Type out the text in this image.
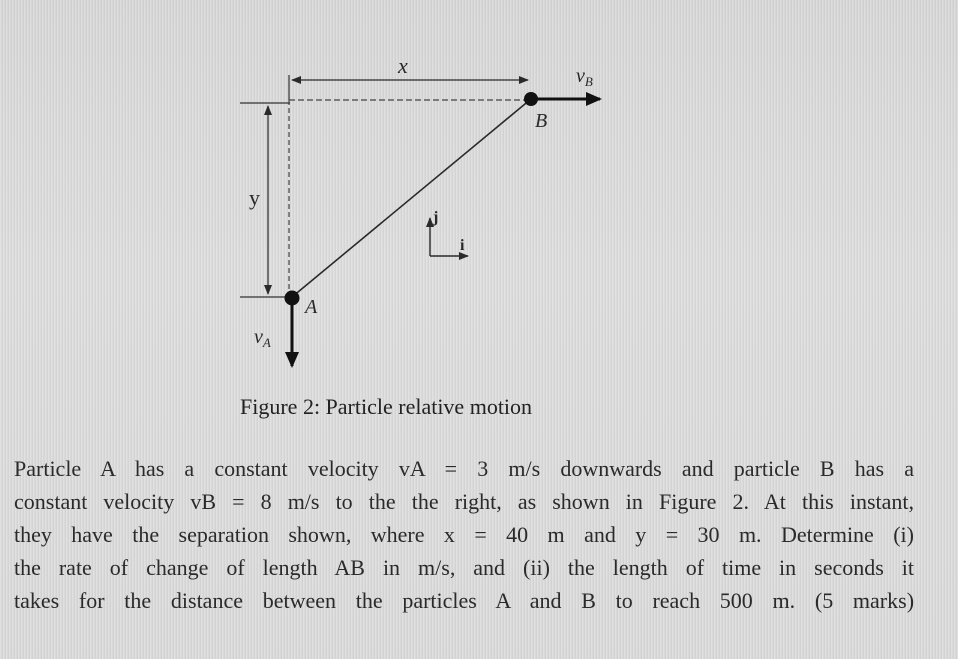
x
y
$v_B$
B
A
$v_A$
j
i
Figure 2: Particle relative motion
Particle A has a constant velocity vA = 3 m/s downwards and particle B has a
constant velocity vB = 8 m/s to the the right, as shown in Figure 2. At this instant,
they have the separation shown, where x = 40 m and y = 30 m. Determine (i)
the rate of change of length AB in m/s, and (ii) the length of time in seconds it
takes for the distance between the particles A and B to reach 500 m. (5 marks)
